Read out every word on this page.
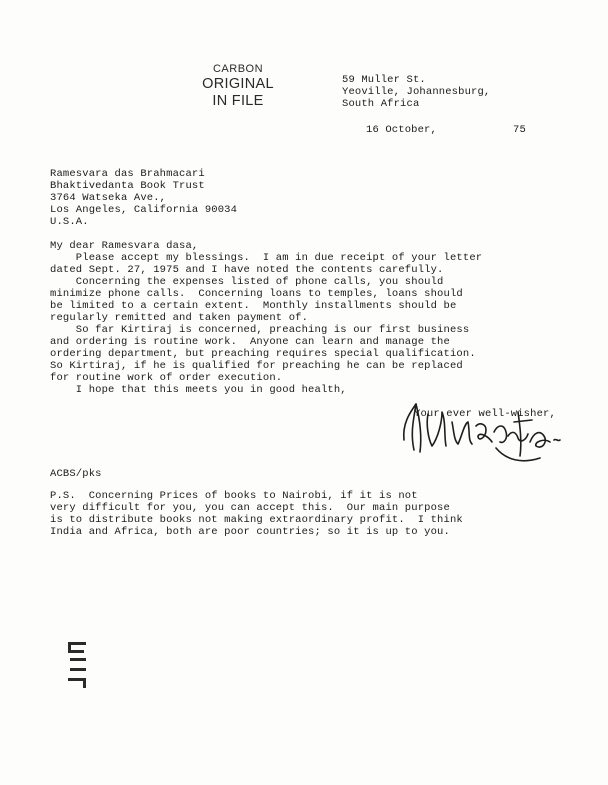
CARBON
ORIGINAL
IN FILE
59 Muller St.
Yeoville, Johannesburg,
South Africa
16 October,	75
Ramesvara das Brahmacari
Bhaktivedanta Book Trust
3764 Watseka Ave.,
Los Angeles, California 90034
U.S.A.
My dear Ramesvara dasa,
Please accept my blessings.  I am in due receipt of your letter
dated Sept. 27, 1975 and I have noted the contents carefully.
Concerning the expenses listed of phone calls, you should
minimize phone calls.  Concerning loans to temples, loans should
be limited to a certain extent.  Monthly installments should be
regularly remitted and taken payment of.
So far Kirtiraj is concerned, preaching is our first business
and ordering is routine work.  Anyone can learn and manage the
ordering department, but preaching requires special qualification.
So Kirtiraj, if he is qualified for preaching he can be replaced
for routine work of order execution.
I hope that this meets you in good health,
Your ever well-wisher,
ACBS/pks
P.S.  Concerning Prices of books to Nairobi, if it is not
very difficult for you, you can accept this.  Our main purpose
is to distribute books not making extraordinary profit.  I think
India and Africa, both are poor countries; so it is up to you.
